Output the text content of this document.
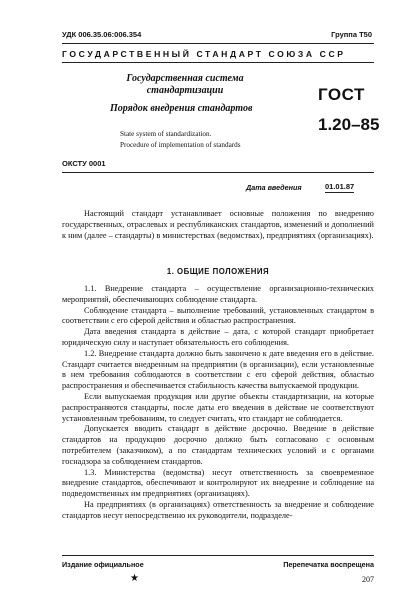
УДК 006.35.06:006.354	Группа Т50
ГОСУДАРСТВЕННЫЙ СТАНДАРТ СОЮЗА ССР
Государственная система стандартизации
Порядок внедрения стандартов
ГОСТ
1.20–85
State system of standardization.
Procedure of implementation of standards
ОКСТУ 0001
Дата введения	01.01.87

Настоящий стандарт устанавливает основные положения по внедрению государственных, отраслевых и республиканских стандартов, изменений и дополнений к ним (далее – стандарты) в министерствах (ведомствах), предприятиях (организациях).

1. ОБЩИЕ ПОЛОЖЕНИЯ

1.1. Внедрение стандарта – осуществление организационно-технических мероприятий, обеспечивающих соблюдение стандарта.

Соблюдение стандарта – выполнение требований, установленных стандартом в соответствии с его сферой действия и областью распространения.

Дата введения стандарта в действие – дата, с которой стандарт приобретает юридическую силу и наступает обязательность его соблюдения.

1.2. Внедрение стандарта должно быть закончено к дате введения его в действие. Стандарт считается внедренным на предприятии (в организации), если установленные в нем требования соблюдаются в соответствии с его сферой действия, областью распространения и обеспечивается стабильность качества выпускаемой продукции.

Если выпускаемая продукция или другие объекты стандартизации, на которые распространяются стандарты, после даты его введения в действие не соответствуют установленным требованиям, то следует считать, что стандарт не соблюдается.

Допускается вводить стандарт в действие досрочно. Введение в действие стандартов на продукцию досрочно должно быть согласовано с основным потребителем (заказчиком), а по стандартам технических условий и с органами госнадзора за соблюдением стандартов.

1.3. Министерства (ведомства) несут ответственность за своевременное внедрение стандартов, обеспечивают и контролируют их внедрение и соблюдение на подведомственных им предприятиях (организациях).

На предприятиях (в организациях) ответственность за внедрение и соблюдение стандартов несут непосредственно их руководители, подразделе-

Издание официальное	Перепечатка воспрещена
★	207
